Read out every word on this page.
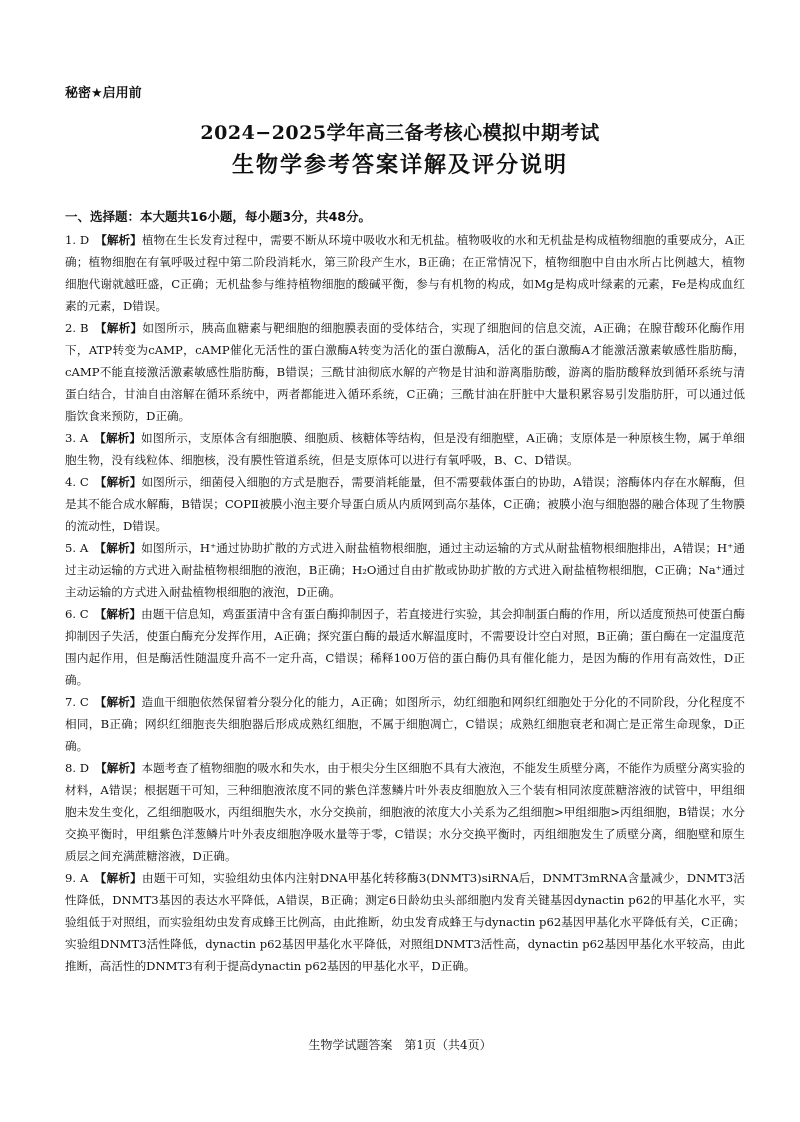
秘密★启用前
2024−2025学年高三备考核心模拟中期考试
生物学参考答案详解及评分说明
一、选择题：本大题共16小题，每小题3分，共48分。

1. D 【解析】植物在生长发育过程中，需要不断从环境中吸收水和无机盐。植物吸收的水和无机盐是构成植物细胞的重要成分，A正确；植物细胞在有氧呼吸过程中第二阶段消耗水，第三阶段产生水，B正确；在正常情况下，植物细胞中自由水所占比例越大，植物细胞代谢就越旺盛，C正确；无机盐参与维持植物细胞的酸碱平衡，参与有机物的构成，如Mg是构成叶绿素的元素，Fe是构成血红素的元素，D错误。

2. B 【解析】如图所示，胰高血糖素与靶细胞的细胞膜表面的受体结合，实现了细胞间的信息交流，A正确；在腺苷酸环化酶作用下，ATP转变为cAMP，cAMP催化无活性的蛋白激酶A转变为活化的蛋白激酶A，活化的蛋白激酶A才能激活激素敏感性脂肪酶，cAMP不能直接激活激素敏感性脂肪酶，B错误；三酰甘油彻底水解的产物是甘油和游离脂肪酸，游离的脂肪酸释放到循环系统与清蛋白结合，甘油自由溶解在循环系统中，两者都能进入循环系统，C正确；三酰甘油在肝脏中大量积累容易引发脂肪肝，可以通过低脂饮食来预防，D正确。

3. A 【解析】如图所示，支原体含有细胞膜、细胞质、核糖体等结构，但是没有细胞壁，A正确；支原体是一种原核生物，属于单细胞生物，没有线粒体、细胞核，没有膜性管道系统，但是支原体可以进行有氧呼吸，B、C、D错误。

4. C 【解析】如图所示，细菌侵入细胞的方式是胞吞，需要消耗能量，但不需要载体蛋白的协助，A错误；溶酶体内存在水解酶，但是其不能合成水解酶，B错误；COPⅡ被膜小泡主要介导蛋白质从内质网到高尔基体，C正确；被膜小泡与细胞器的融合体现了生物膜的流动性，D错误。

5. A 【解析】如图所示，H⁺通过协助扩散的方式进入耐盐植物根细胞，通过主动运输的方式从耐盐植物根细胞排出，A错误；H⁺通过主动运输的方式进入耐盐植物根细胞的液泡，B正确；H₂O通过自由扩散或协助扩散的方式进入耐盐植物根细胞，C正确；Na⁺通过主动运输的方式进入耐盐植物根细胞的液泡，D正确。

6. C 【解析】由题干信息知，鸡蛋蛋清中含有蛋白酶抑制因子，若直接进行实验，其会抑制蛋白酶的作用，所以适度预热可使蛋白酶抑制因子失活，使蛋白酶充分发挥作用，A正确；探究蛋白酶的最适水解温度时，不需要设计空白对照，B正确；蛋白酶在一定温度范围内起作用，但是酶活性随温度升高不一定升高，C错误；稀释100万倍的蛋白酶仍具有催化能力，是因为酶的作用有高效性，D正确。

7. C 【解析】造血干细胞依然保留着分裂分化的能力，A正确；如图所示，幼红细胞和网织红细胞处于分化的不同阶段，分化程度不相同，B正确；网织红细胞丧失细胞器后形成成熟红细胞，不属于细胞凋亡，C错误；成熟红细胞衰老和凋亡是正常生命现象，D正确。

8. D 【解析】本题考查了植物细胞的吸水和失水，由于根尖分生区细胞不具有大液泡，不能发生质壁分离，不能作为质壁分离实验的材料，A错误；根据题干可知，三种细胞液浓度不同的紫色洋葱鳞片叶外表皮细胞放入三个装有相同浓度蔗糖溶液的试管中，甲组细胞未发生变化，乙组细胞吸水，丙组细胞失水，水分交换前，细胞液的浓度大小关系为乙组细胞>甲组细胞>丙组细胞，B错误；水分交换平衡时，甲组紫色洋葱鳞片叶外表皮细胞净吸水量等于零，C错误；水分交换平衡时，丙组细胞发生了质壁分离，细胞壁和原生质层之间充满蔗糖溶液，D正确。

9. A 【解析】由题干可知，实验组幼虫体内注射DNA甲基化转移酶3(DNMT3)siRNA后，DNMT3mRNA含量减少，DNMT3活性降低，DNMT3基因的表达水平降低，A错误，B正确；测定6日龄幼虫头部细胞内发育关键基因dynactin p62的甲基化水平，实验组低于对照组，而实验组幼虫发育成蜂王比例高，由此推断，幼虫发育成蜂王与dynactin p62基因甲基化水平降低有关，C正确；实验组DNMT3活性降低，dynactin p62基因甲基化水平降低，对照组DNMT3活性高，dynactin p62基因甲基化水平较高，由此推断，高活性的DNMT3有利于提高dynactin p62基因的甲基化水平，D正确。

生物学试题答案　第1页（共4页）
